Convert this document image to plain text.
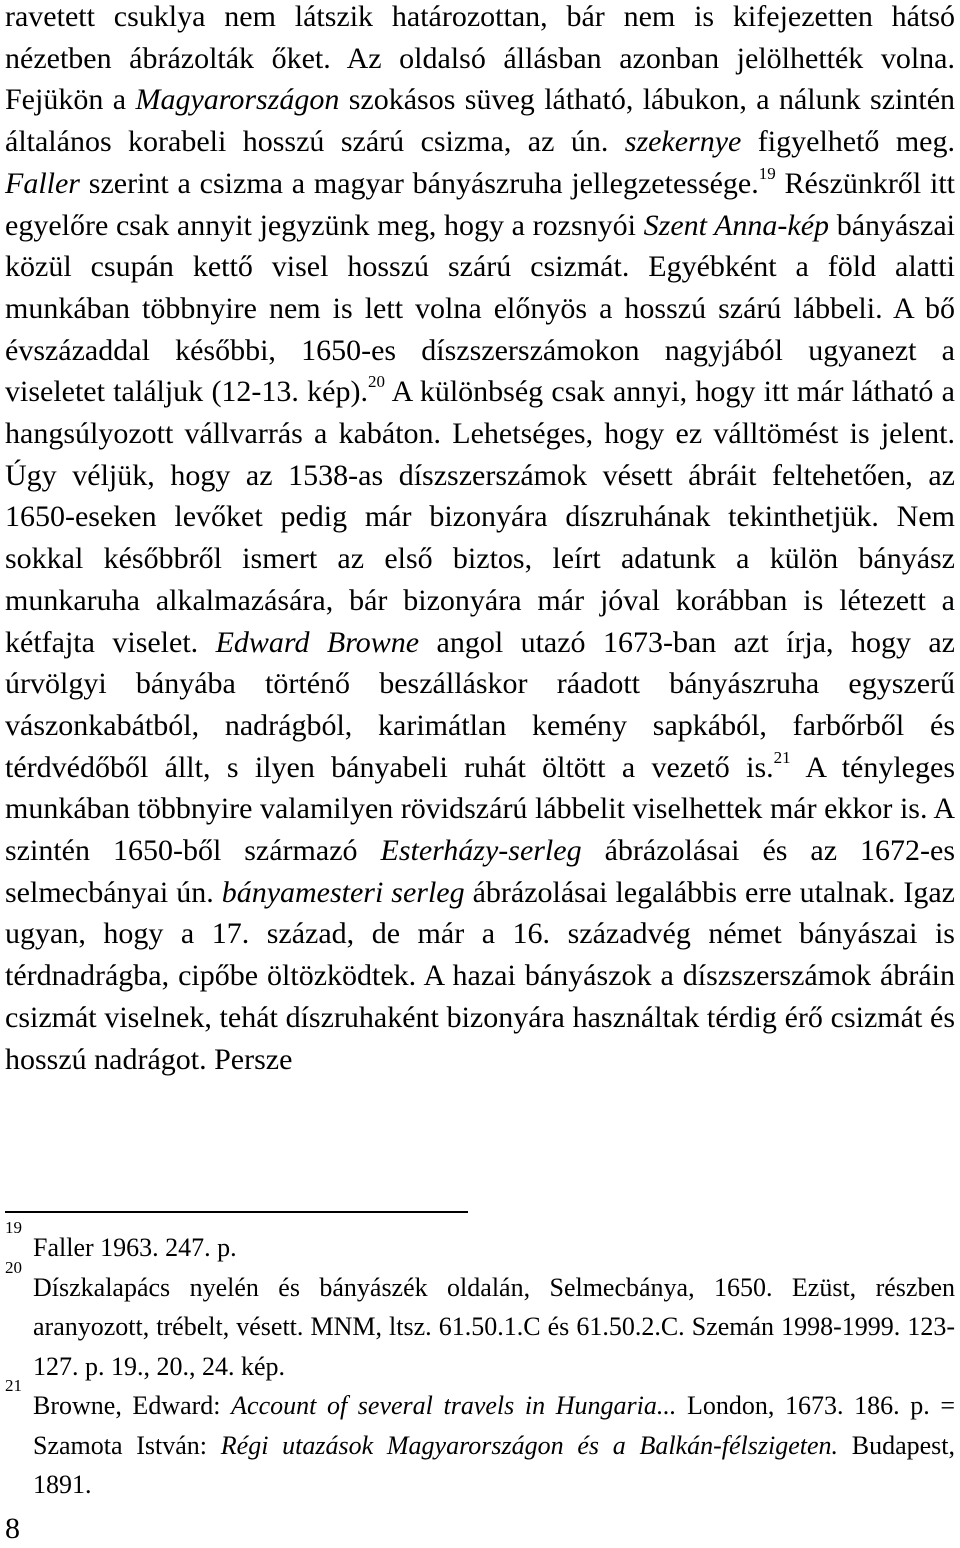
ravetett csuklya nem látszik határozottan, bár nem is kifejezetten hátsó nézetben ábrázolták őket. Az oldalsó állásban azonban jelölhették volna. Fejükön a Magyarországon szokásos süveg látható, lábukon, a nálunk szintén általános korabeli hosszú szárú csizma, az ún. szekernye figyelhető meg. Faller szerint a csizma a magyar bányászruha jellegzetessége.$^{19}$ Részünkről itt egyelőre csak annyit jegyzünk meg, hogy a rozsnyói Szent Anna-kép bányászai közül csupán kettő visel hosszú szárú csizmát. Egyébként a föld alatti munkában többnyire nem is lett volna előnyös a hosszú szárú lábbeli. A bő évszázaddal későbbi, 1650-es díszszerszámokon nagyjából ugyanezt a viseletet találjuk (12-13. kép).$^{20}$ A különbség csak annyi, hogy itt már látható a hangsúlyozott vállvarrás a kabáton. Lehetséges, hogy ez válltömést is jelent. Úgy véljük, hogy az 1538-as díszszerszámok vésett ábráit feltehetően, az 1650-eseken levőket pedig már bizonyára díszruhának tekinthetjük. Nem sokkal későbbről ismert az első biztos, leírt adatunk a külön bányász munkaruha alkalmazására, bár bizonyára már jóval korábban is létezett a kétfajta viselet. Edward Browne angol utazó 1673-ban azt írja, hogy az úrvölgyi bányába történő beszálláskor ráadott bányászruha egyszerű vászonkabátból, nadrágból, karimátlan kemény sapkából, farbőrből és térdvédőből állt, s ilyen bányabeli ruhát öltött a vezető is.$^{21}$ A tényleges munkában többnyire valamilyen rövidszárú lábbelit viselhettek már ekkor is. A szintén 1650-ből származó Esterházy-serleg ábrázolásai és az 1672-es selmecbányai ún. bányamesteri serleg ábrázolásai legalábbis erre utalnak. Igaz ugyan, hogy a 17. század, de már a 16. századvég német bányászai is térdnadrágba, cipőbe öltözködtek. A hazai bányászok a díszszerszámok ábráin csizmát viselnek, tehát díszruhaként bizonyára használtak térdig érő csizmát és hosszú nadrágot. Persze

19
Faller 1963. 247. p.
20
Díszkalapács nyelén és bányászék oldalán, Selmecbánya, 1650. Ezüst, részben aranyozott, trébelt, vésett. MNM, ltsz. 61.50.1.C és 61.50.2.C. Szemán 1998-1999. 123-127. p. 19., 20., 24. kép.
21
Browne, Edward: Account of several travels in Hungaria... London, 1673. 186. p. = Szamota István: Régi utazások Magyarországon és a Balkán-félszigeten. Budapest, 1891.
8
